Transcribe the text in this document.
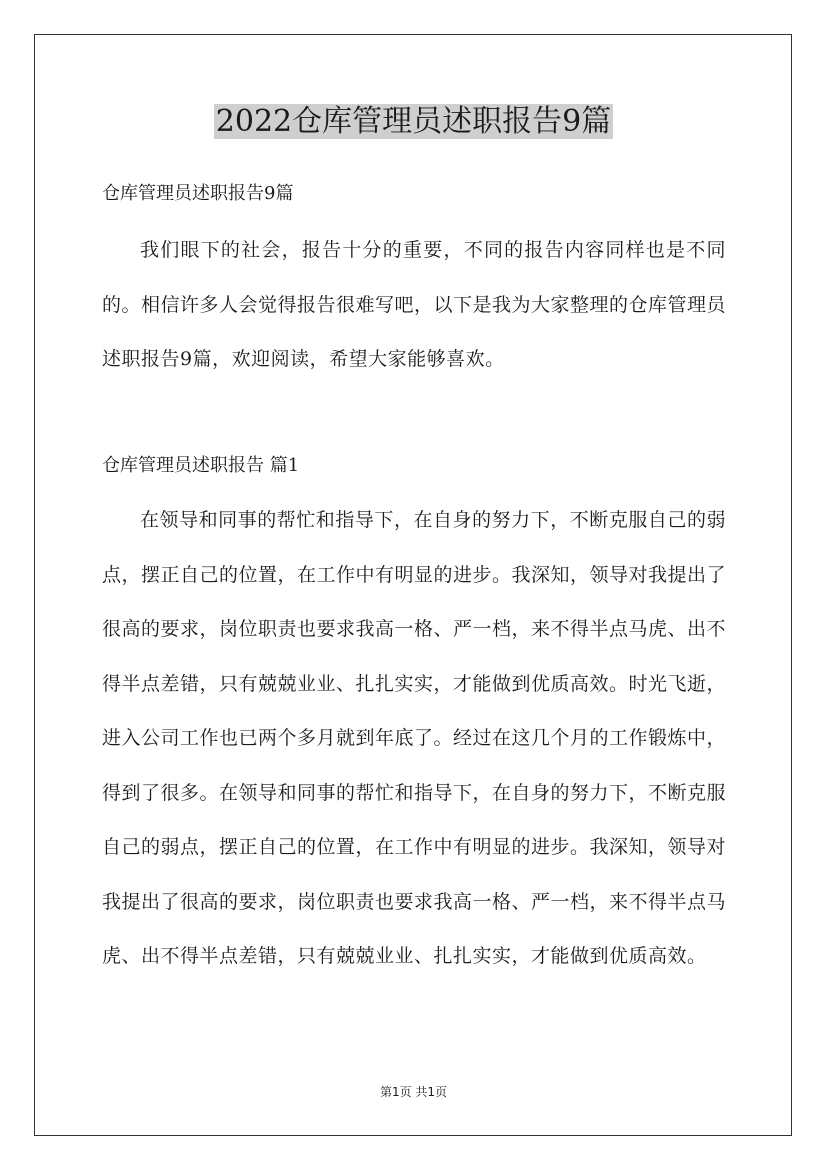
2022仓库管理员述职报告9篇
仓库管理员述职报告9篇

我们眼下的社会，报告十分的重要，不同的报告内容同样也是不同的。相信许多人会觉得报告很难写吧，以下是我为大家整理的仓库管理员述职报告9篇，欢迎阅读，希望大家能够喜欢。

仓库管理员述职报告 篇1

在领导和同事的帮忙和指导下，在自身的努力下，不断克服自己的弱点，摆正自己的位置，在工作中有明显的进步。我深知，领导对我提出了很高的要求，岗位职责也要求我高一格、严一档，来不得半点马虎、出不得半点差错，只有兢兢业业、扎扎实实，才能做到优质高效。时光飞逝，进入公司工作也已两个多月就到年底了。经过在这几个月的工作锻炼中，得到了很多。在领导和同事的帮忙和指导下，在自身的努力下，不断克服自己的弱点，摆正自己的位置，在工作中有明显的进步。我深知，领导对我提出了很高的要求，岗位职责也要求我高一格、严一档，来不得半点马虎、出不得半点差错，只有兢兢业业、扎扎实实，才能做到优质高效。

第1页 共1页
